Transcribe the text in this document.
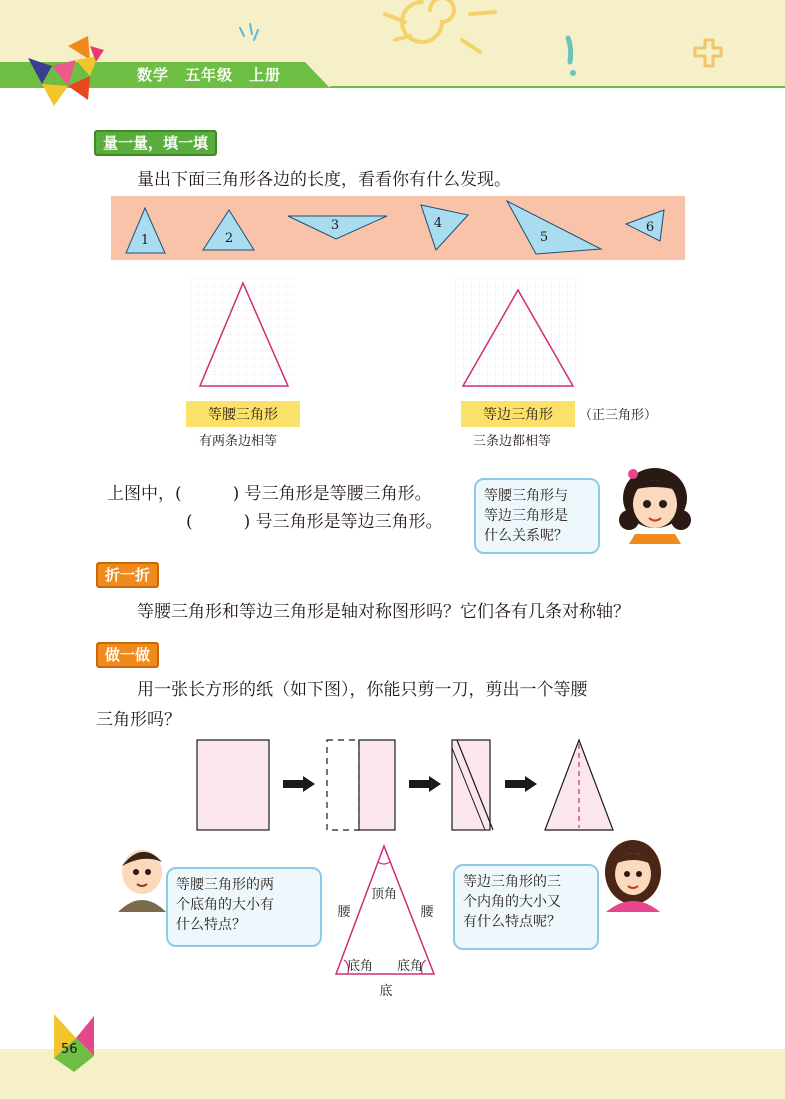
数学　五年级　上册
量一量，填一填
量出下面三角形各边的长度，看看你有什么发现。
1	2
3	4
5
6
等腰三角形
有两条边相等
等边三角形	（正三角形）
三条边都相等
上图中，(　　　) 号三角形是等腰三角形。
(　　　) 号三角形是等边三角形。
等腰三角形与
等边三角形是
什么关系呢？
折一折
等腰三角形和等边三角形是轴对称图形吗？它们各有几条对称轴？
做一做
用一张长方形的纸（如下图），你能只剪一刀，剪出一个等腰
三角形吗？
等腰三角形的两
个底角的大小有
什么特点？
顶角
腰	腰
底角 底角
底
等边三角形的三
个内角的大小又
有什么特点呢？
56
